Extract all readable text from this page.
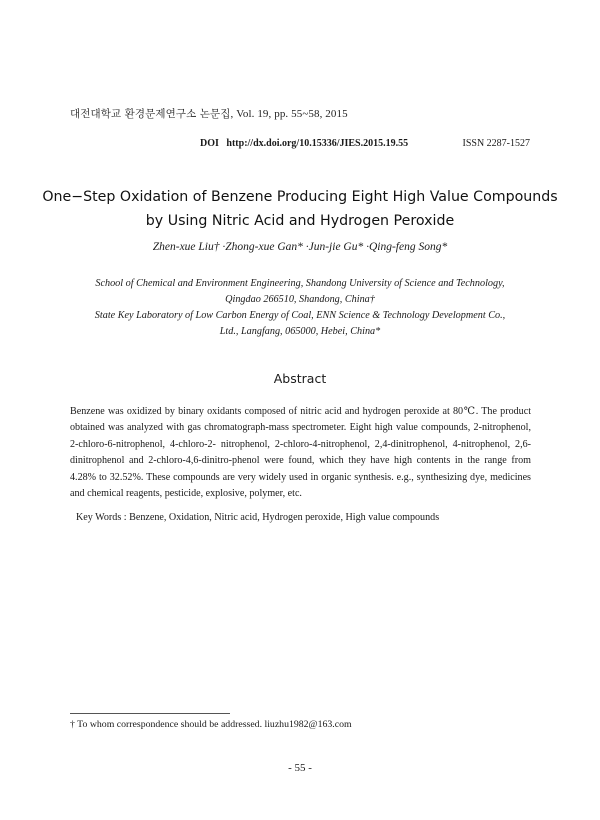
대전대학교 환경문제연구소 논문집, Vol. 19, pp. 55~58, 2015
DOI http://dx.doi.org/10.15336/JIES.2015.19.55	ISSN 2287-1527
One−Step Oxidation of Benzene Producing Eight High Value Compounds
by Using Nitric Acid and Hydrogen Peroxide
Zhen-xue Liu† ·Zhong-xue Gan* ·Jun-jie Gu* ·Qing-feng Song*
School of Chemical and Environment Engineering, Shandong University of Science and Technology,
Qingdao 266510, Shandong, China†
State Key Laboratory of Low Carbon Energy of Coal, ENN Science & Technology Development Co.,
Ltd., Langfang, 065000, Hebei, China*
Abstract
Benzene was oxidized by binary oxidants composed of nitric acid and hydrogen peroxide at 80℃. The product obtained was analyzed with gas chromatograph-mass spectrometer. Eight high value compounds, 2-nitrophenol, 2-chloro-6-nitrophenol, 4-chloro-2- nitrophenol, 2-chloro-4-nitrophenol, 2,4-dinitrophenol, 4-nitrophenol, 2,6-dinitrophenol and 2-chloro-4,6-dinitro-phenol were found, which they have high contents in the range from 4.28% to 32.52%. These compounds are very widely used in organic synthesis. e.g., synthesizing dye, medicines and chemical reagents, pesticide, explosive, polymer, etc.
Key Words : Benzene, Oxidation, Nitric acid, Hydrogen peroxide, High value compounds
† To whom correspondence should be addressed. liuzhu1982@163.com
- 55 -
